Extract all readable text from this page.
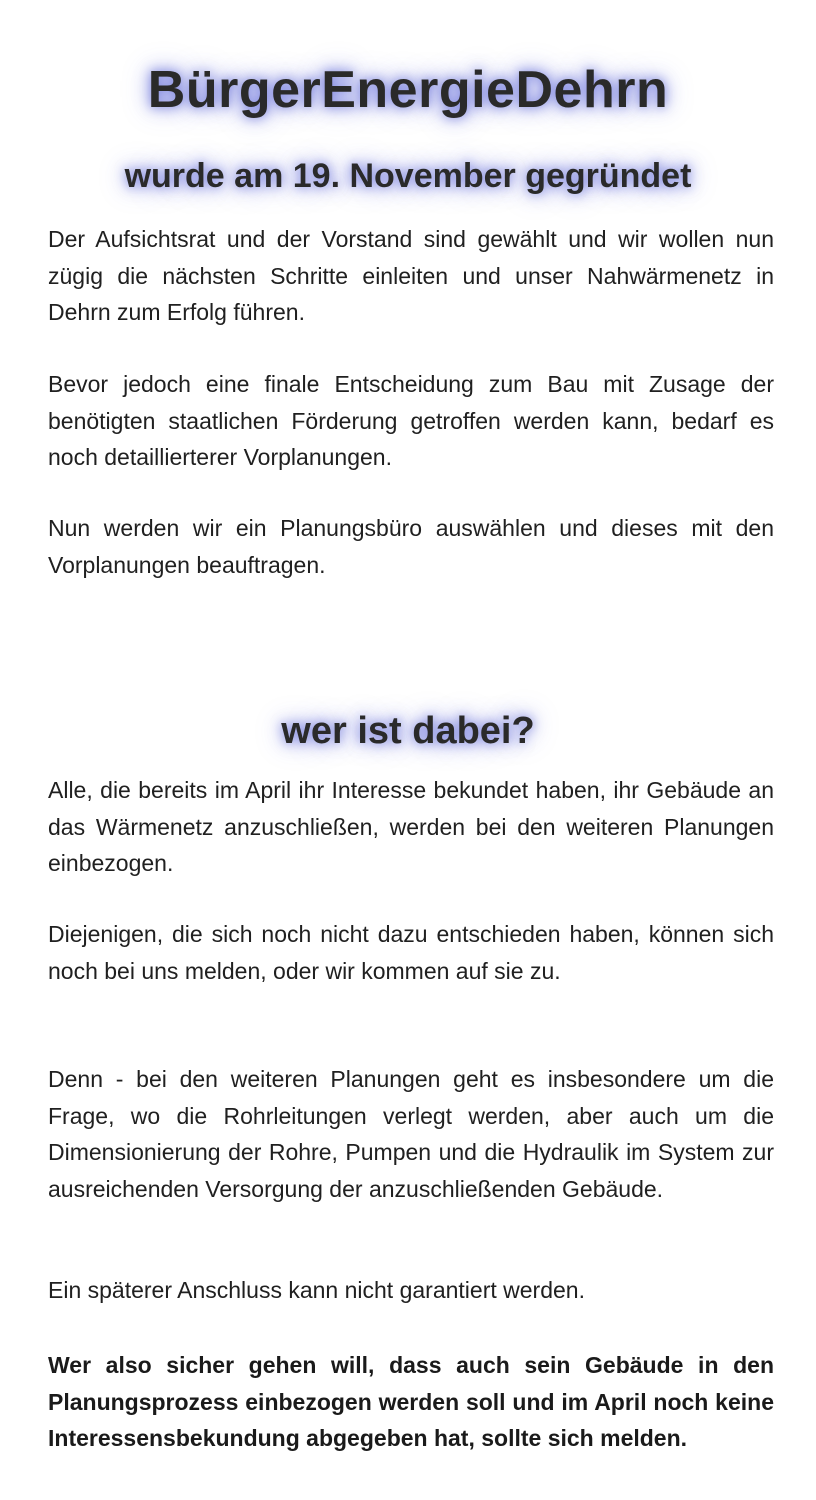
BürgerEnergieDehrn
wurde am 19. November gegründet

Der Aufsichtsrat und der Vorstand sind gewählt und wir wollen nun zügig die nächsten Schritte einleiten und unser Nahwärmenetz in Dehrn zum Erfolg führen.

Bevor jedoch eine finale Entscheidung zum Bau mit Zusage der benötigten staatlichen Förderung getroffen werden kann, bedarf es noch detaillierterer Vorplanungen.

Nun werden wir ein Planungsbüro auswählen und dieses mit den Vorplanungen beauftragen.

wer ist dabei?

Alle, die bereits im April ihr Interesse bekundet haben, ihr Gebäude an das Wärmenetz anzuschließen, werden bei den weiteren Planungen einbezogen.

Diejenigen, die sich noch nicht dazu entschieden haben, können sich noch bei uns melden, oder wir kommen auf sie zu.

Denn - bei den weiteren Planungen geht es insbesondere um die Frage, wo die Rohrleitungen verlegt werden, aber auch um die Dimensionierung der Rohre, Pumpen und die Hydraulik im System zur ausreichenden Versorgung der anzuschließenden Gebäude.

Ein späterer Anschluss kann nicht garantiert werden.

Wer also sicher gehen will, dass auch sein Gebäude in den Planungsprozess einbezogen werden soll und im April noch keine Interessensbekundung abgegeben hat, sollte sich melden.
